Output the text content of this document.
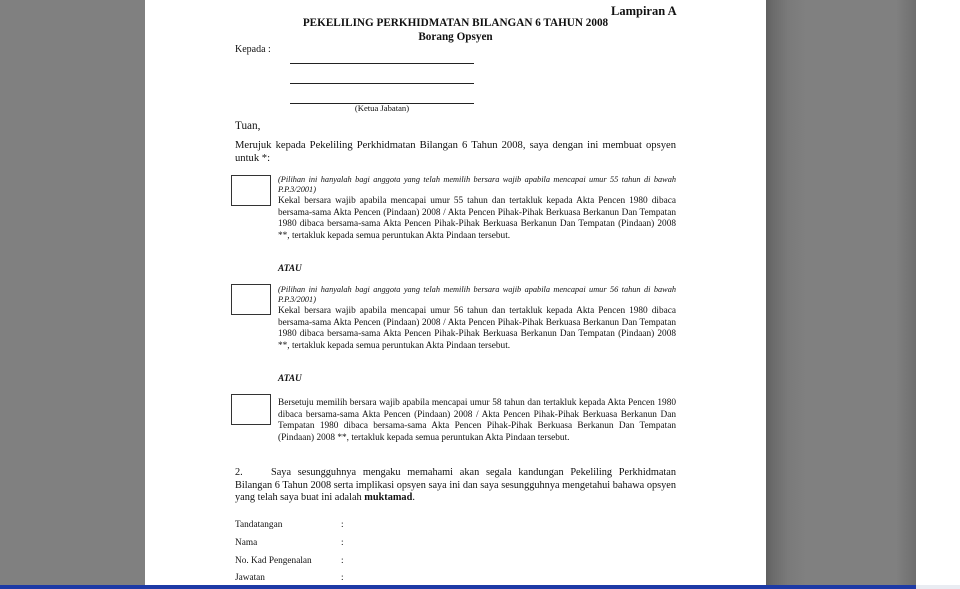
Lampiran A
PEKELILING PERKHIDMATAN BILANGAN 6 TAHUN 2008
Borang Opsyen
Kepada :
(Ketua Jabatan)
Tuan,
Merujuk kepada Pekeliling Perkhidmatan Bilangan 6 Tahun 2008, saya dengan ini membuat opsyen untuk *:
(Pilihan ini hanyalah bagi anggota yang telah memilih bersara wajib apabila mencapai umur 55 tahun di bawah P.P.3/2001)
Kekal bersara wajib apabila mencapai umur 55 tahun dan tertakluk kepada Akta Pencen 1980 dibaca bersama-sama Akta Pencen (Pindaan) 2008 / Akta Pencen Pihak-Pihak Berkuasa Berkanun Dan Tempatan 1980 dibaca bersama-sama Akta Pencen Pihak-Pihak Berkuasa Berkanun Dan Tempatan (Pindaan) 2008 **, tertakluk kepada semua peruntukan Akta Pindaan tersebut.
ATAU
(Pilihan ini hanyalah bagi anggota yang telah memilih bersara wajib apabila mencapai umur 56 tahun di bawah P.P.3/2001)
Kekal bersara wajib apabila mencapai umur 56 tahun dan tertakluk kepada Akta Pencen 1980 dibaca bersama-sama Akta Pencen (Pindaan) 2008 / Akta Pencen Pihak-Pihak Berkuasa Berkanun Dan Tempatan 1980 dibaca bersama-sama Akta Pencen Pihak-Pihak Berkuasa Berkanun Dan Tempatan (Pindaan) 2008 **, tertakluk kepada semua peruntukan Akta Pindaan tersebut.
ATAU
Bersetuju memilih bersara wajib apabila mencapai umur 58 tahun dan tertakluk kepada Akta Pencen 1980 dibaca bersama-sama Akta Pencen (Pindaan) 2008 / Akta Pencen Pihak-Pihak Berkuasa Berkanun Dan Tempatan 1980 dibaca bersama-sama Akta Pencen Pihak-Pihak Berkuasa Berkanun Dan Tempatan (Pindaan) 2008 **, tertakluk kepada semua peruntukan Akta Pindaan tersebut.
2.	Saya sesungguhnya mengaku memahami akan segala kandungan Pekeliling Perkhidmatan Bilangan 6 Tahun 2008 serta implikasi opsyen saya ini dan saya sesungguhnya mengetahui bahawa opsyen yang telah saya buat ini adalah muktamad.
Tandatangan	:
Nama	:
No. Kad Pengenalan	:
Jawatan	:
